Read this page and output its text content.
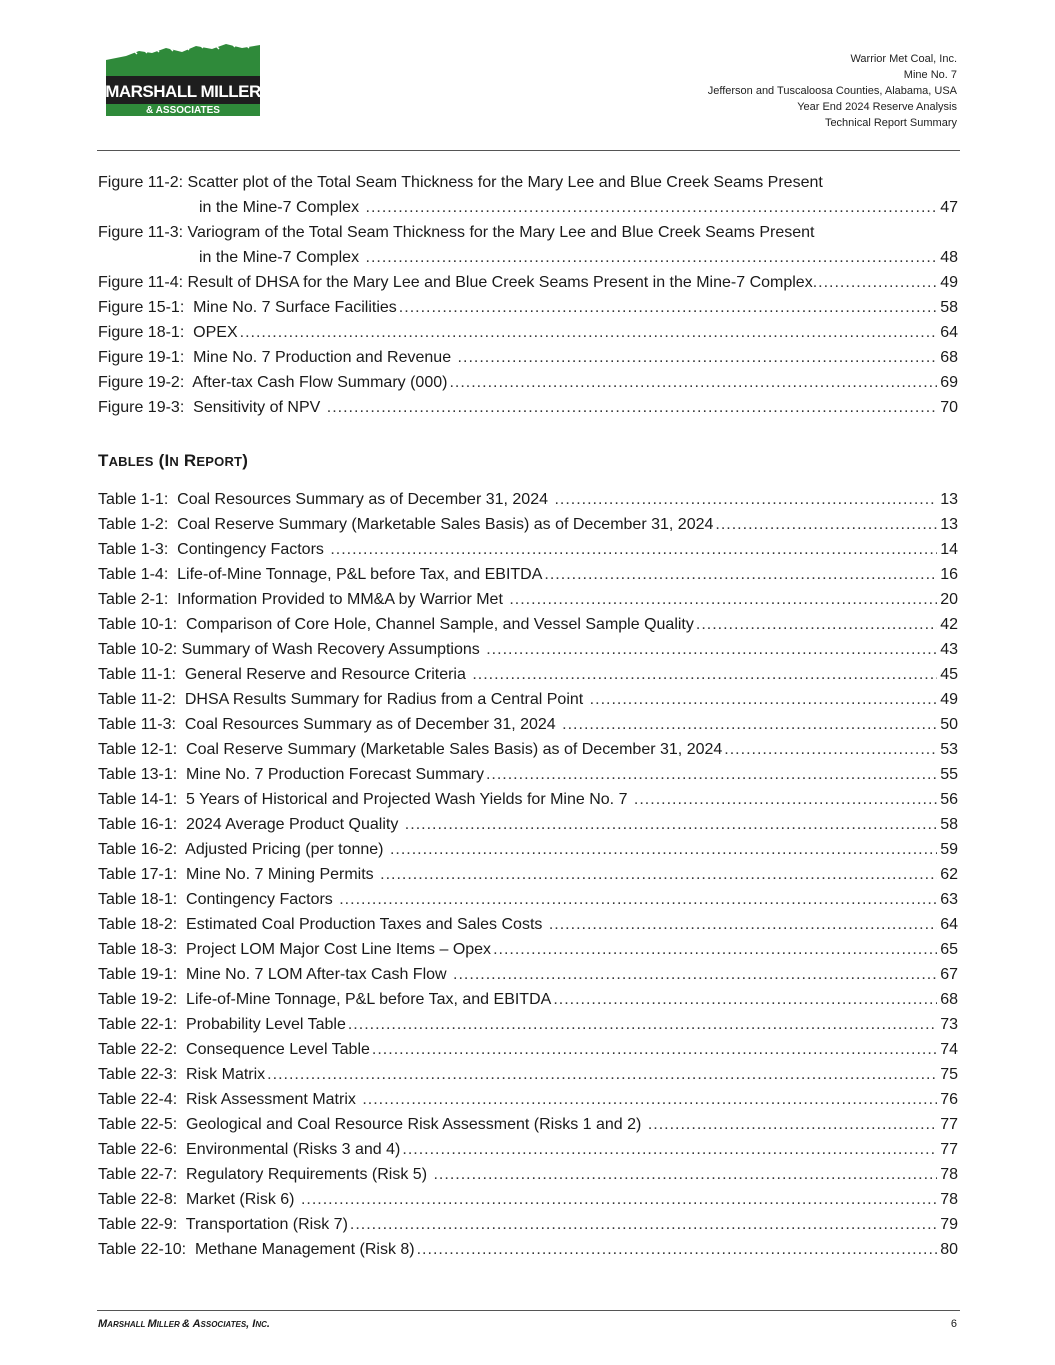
MARSHALL MILLER
& ASSOCIATES
Warrior Met Coal, Inc.
Mine No. 7
Jefferson and Tuscaloosa Counties, Alabama, USA
Year End 2024 Reserve Analysis
Technical Report Summary
Figure 11-2: Scatter plot of the Total Seam Thickness for the Mary Lee and Blue Creek Seams Present
in the Mine-7 Complex .....	47
Figure 11-3: Variogram of the Total Seam Thickness for the Mary Lee and Blue Creek Seams Present
in the Mine-7 Complex .....	48
Figure 11-4: Result of DHSA for the Mary Lee and Blue Creek Seams Present in the Mine-7 Complex .....	49
Figure 15-1:  Mine No. 7 Surface Facilities .....	58
Figure 18-1:  OPEX .....	64
Figure 19-1:  Mine No. 7 Production and Revenue .....	68
Figure 19-2:  After-tax Cash Flow Summary (000) .....	69
Figure 19-3:  Sensitivity of NPV .....	70
TABLES (IN REPORT)
Table 1-1:  Coal Resources Summary as of December 31, 2024 .....	13
Table 1-2:  Coal Reserve Summary (Marketable Sales Basis) as of December 31, 2024 .....	13
Table 1-3:  Contingency Factors .....	14
Table 1-4:  Life-of-Mine Tonnage, P&L before Tax, and EBITDA .....	16
Table 2-1:  Information Provided to MM&A by Warrior Met .....	20
Table 10-1:  Comparison of Core Hole, Channel Sample, and Vessel Sample Quality .....	42
Table 10-2: Summary of Wash Recovery Assumptions .....	43
Table 11-1:  General Reserve and Resource Criteria .....	45
Table 11-2:  DHSA Results Summary for Radius from a Central Point .....	49
Table 11-3:  Coal Resources Summary as of December 31, 2024 .....	50
Table 12-1:  Coal Reserve Summary (Marketable Sales Basis) as of December 31, 2024 .....	53
Table 13-1:  Mine No. 7 Production Forecast Summary .....	55
Table 14-1:  5 Years of Historical and Projected Wash Yields for Mine No. 7 .....	56
Table 16-1:  2024 Average Product Quality .....	58
Table 16-2:  Adjusted Pricing (per tonne) .....	59
Table 17-1:  Mine No. 7 Mining Permits .....	62
Table 18-1:  Contingency Factors .....	63
Table 18-2:  Estimated Coal Production Taxes and Sales Costs .....	64
Table 18-3:  Project LOM Major Cost Line Items – Opex .....	65
Table 19-1:  Mine No. 7 LOM After-tax Cash Flow .....	67
Table 19-2:  Life-of-Mine Tonnage, P&L before Tax, and EBITDA .....	68
Table 22-1:  Probability Level Table .....	73
Table 22-2:  Consequence Level Table .....	74
Table 22-3:  Risk Matrix .....	75
Table 22-4:  Risk Assessment Matrix .....	76
Table 22-5:  Geological and Coal Resource Risk Assessment (Risks 1 and 2) .....	77
Table 22-6:  Environmental (Risks 3 and 4) .....	77
Table 22-7:  Regulatory Requirements (Risk 5) .....	78
Table 22-8:  Market (Risk 6) .....	78
Table 22-9:  Transportation (Risk 7) .....	79
Table 22-10:  Methane Management (Risk 8) .....	80
MARSHALL MILLER & ASSOCIATES, INC.	6
